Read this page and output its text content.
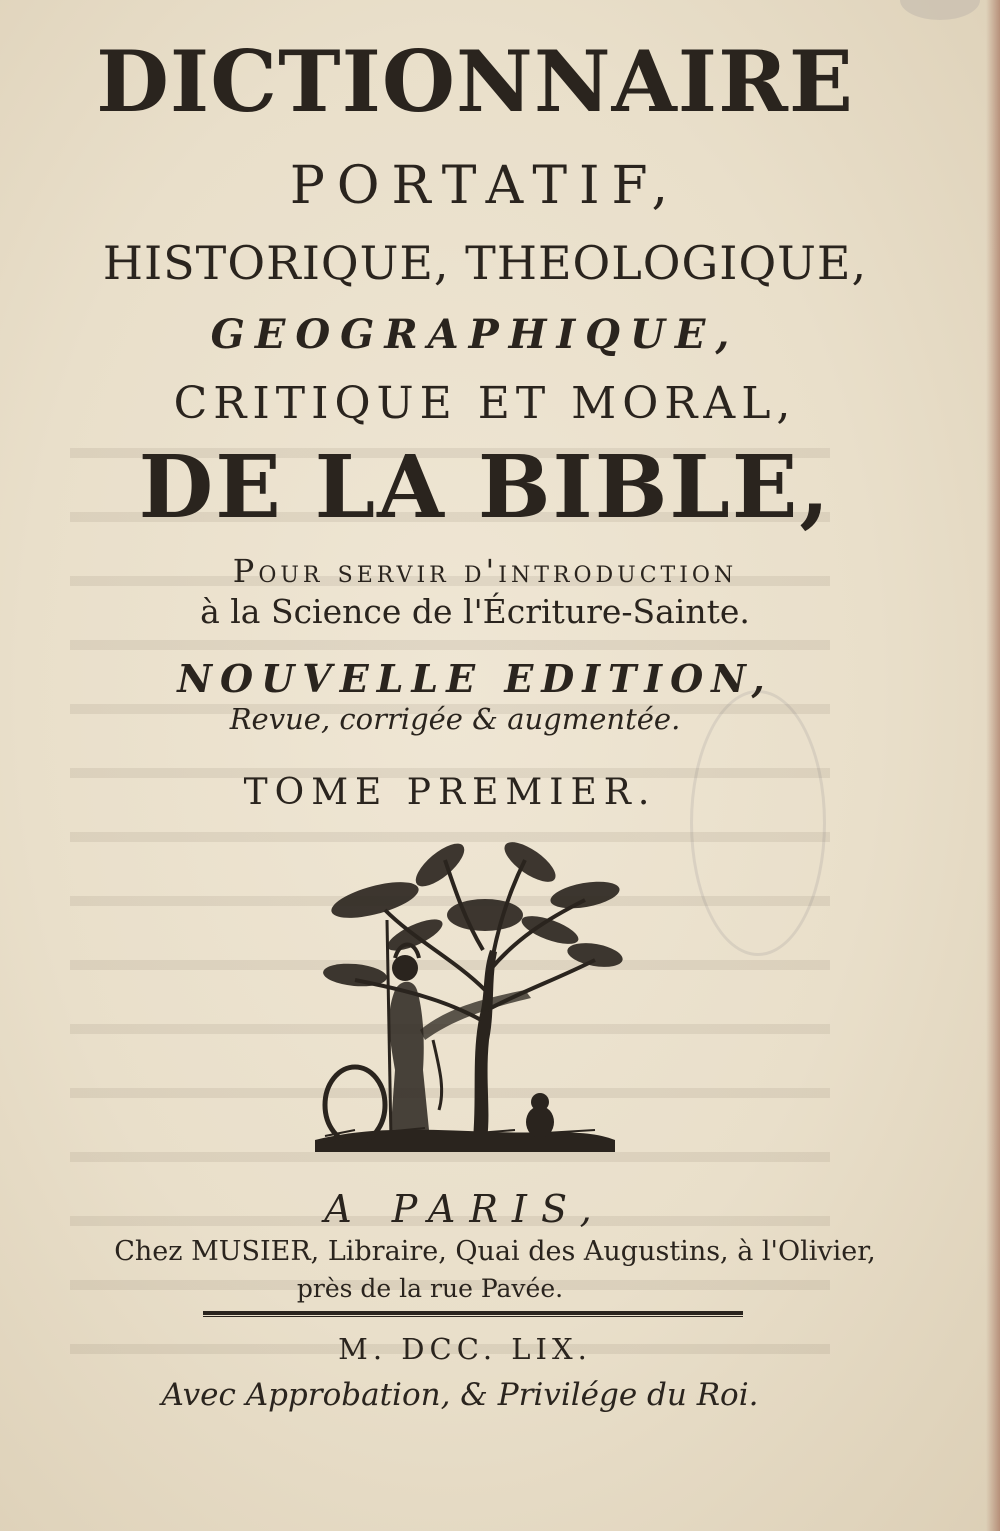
DICTIONNAIRE
PORTATIF,
HISTORIQUE, THEOLOGIQUE,
GEOGRAPHIQUE,
CRITIQUE ET MORAL,
DE LA BIBLE,
Pour servir d'introduction
à la Science de l'Écriture-Sainte.
NOUVELLE EDITION,
Revue, corrigée & augmentée.
TOME PREMIER.
A PARIS,
Chez MUSIER, Libraire, Quai des Augustins, à l'Olivier,
près de la rue Pavée.
M. DCC. LIX.
Avec Approbation, & Privilége du Roi.
